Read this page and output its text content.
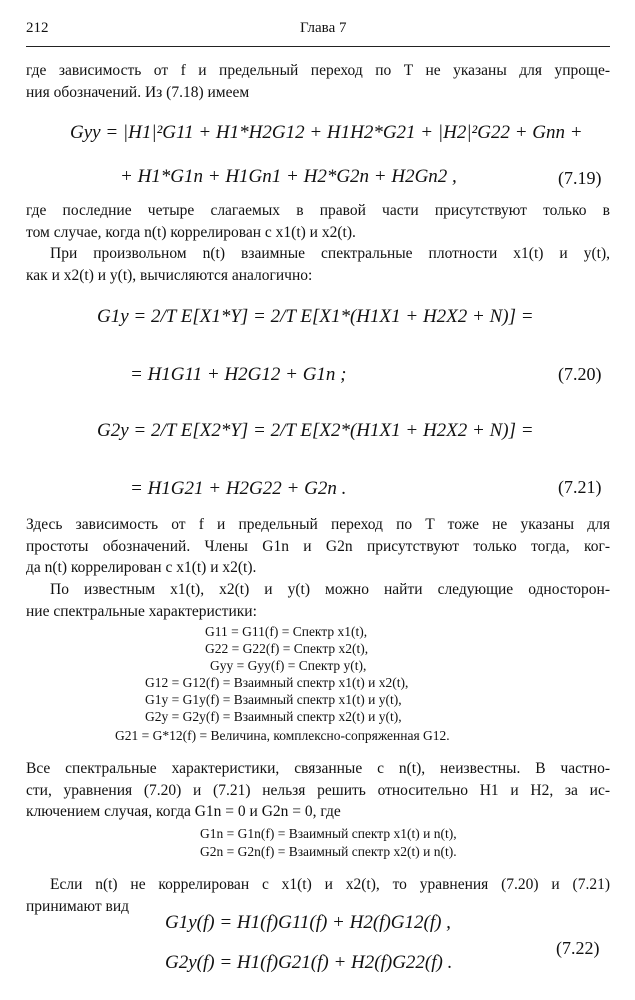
212	Глава 7
где зависимость от f и предельный переход по T не указаны для упроще-
ния обозначений. Из (7.18) имеем
Gyy = |H1|²G11 + H1*H2G12 + H1H2*G21 + |H2|²G22 + Gnn +
+ H1*G1n + H1Gn1 + H2*G2n + H2Gn2 ,	(7.19)
где последние четыре слагаемых в правой части присутствуют только в
том случае, когда n(t) коррелирован с x1(t) и x2(t).
При произвольном n(t) взаимные спектральные плотности x1(t) и y(t),
как и x2(t) и y(t), вычисляются аналогично:
G1y = 2/T E[X1*Y] = 2/T E[X1*(H1X1 + H2X2 + N)] =
= H1G11 + H2G12 + G1n ;	(7.20)
G2y = 2/T E[X2*Y] = 2/T E[X2*(H1X1 + H2X2 + N)] =
= H1G21 + H2G22 + G2n .	(7.21)
Здесь зависимость от f и предельный переход по T тоже не указаны для
простоты обозначений. Члены G1n и G2n присутствуют только тогда, ког-
да n(t) коррелирован с x1(t) и x2(t).
По известным x1(t), x2(t) и y(t) можно найти следующие односторон-
ние спектральные характеристики:
G11 = G11(f) = Спектр x1(t),
G22 = G22(f) = Спектр x2(t),
Gyy = Gyy(f) = Спектр y(t),
G12 = G12(f) = Взаимный спектр x1(t) и x2(t),
G1y = G1y(f) = Взаимный спектр x1(t) и y(t),
G2y = G2y(f) = Взаимный спектр x2(t) и y(t),
G21 = G*12(f) = Величина, комплексно-сопряженная G12.
Все спектральные характеристики, связанные с n(t), неизвестны. В частно-
сти, уравнения (7.20) и (7.21) нельзя решить относительно H1 и H2, за ис-
ключением случая, когда G1n = 0 и G2n = 0, где
G1n = G1n(f) = Взаимный спектр x1(t) и n(t),
G2n = G2n(f) = Взаимный спектр x2(t) и n(t).
Если n(t) не коррелирован с x1(t) и x2(t), то уравнения (7.20) и (7.21)
принимают вид
G1y(f) = H1(f)G11(f) + H2(f)G12(f) ,
G2y(f) = H1(f)G21(f) + H2(f)G22(f) .
(7.22)
